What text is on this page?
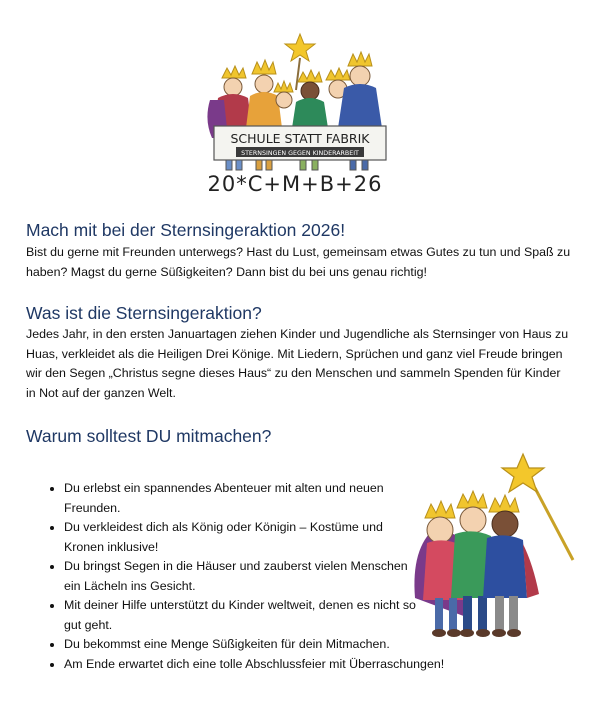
SCHULE STATT FABRIK
STERNSINGEN GEGEN KINDERARBEIT
20*C+M+B+26
Mach mit bei der Sternsingeraktion 2026!

Bist du gerne mit Freunden unterwegs? Hast du Lust, gemeinsam etwas Gutes zu tun und Spaß zu haben? Magst du gerne Süßigkeiten? Dann bist du bei uns genau richtig!

Was ist die Sternsingeraktion?

Jedes Jahr, in den ersten Januartagen ziehen Kinder und Jugendliche als Sternsinger von Haus zu Huas, verkleidet als die Heiligen Drei Könige. Mit Liedern, Sprüchen und ganz viel Freude bringen wir den Segen „Christus segne dieses Haus“ zu den Menschen und sammeln Spenden für Kinder in Not auf der ganzen Welt.

Warum solltest DU mitmachen?
• Du erlebst ein spannendes Abenteuer mit alten und neuen Freunden.
• Du verkleidest dich als König oder Königin – Kostüme und Kronen inklusive!
• Du bringst Segen in die Häuser und zauberst vielen Menschen ein Lächeln ins Gesicht.
• Mit deiner Hilfe unterstützt du Kinder weltweit, denen es nicht so gut geht.
• Du bekommst eine Menge Süßigkeiten für dein Mitmachen.
• Am Ende erwartet dich eine tolle Abschlussfeier mit Überraschungen!
